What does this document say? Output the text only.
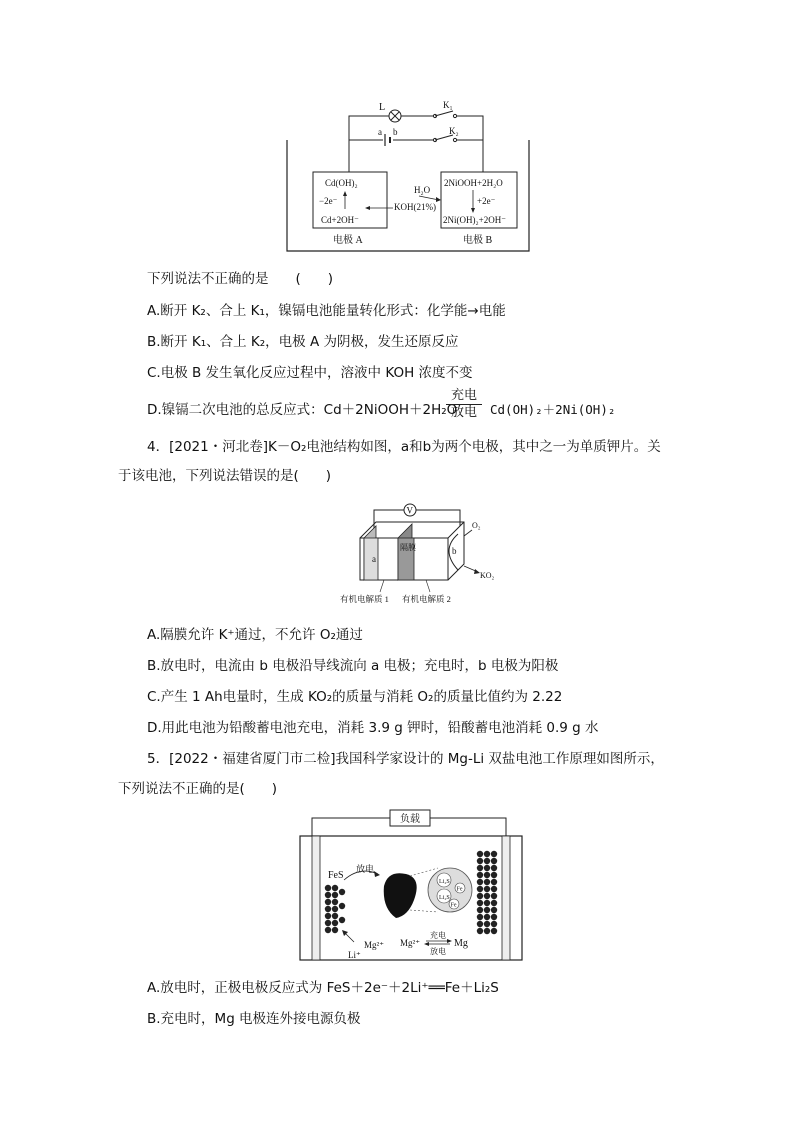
L	K₁
a b	K₂
Cd(OH)₂
−2e⁻
Cd+2OH⁻
2NiOOH+2H₂O
+2e⁻
2Ni(OH)₂+2OH⁻
H₂O
KOH(21%)
电极 A	电极 B
下列说法不正确的是　　(　　)
A.断开 K₂、合上 K₁，镍镉电池能量转化形式：化学能→电能
B.断开 K₁、合上 K₂，电极 A 为阴极，发生还原反应
C.电极 B 发生氧化反应过程中，溶液中 KOH 浓度不变
D.镍镉二次电池的总反应式：Cd＋2NiOOH＋2H₂O
充电
放电	Cd(OH)₂＋2Ni(OH)₂
4．[2021・河北卷]K－O₂电池结构如图，a和b为两个电极，其中之一为单质钾片。关
于该电池，下列说法错误的是(　　)
V
a
隔膜	b
O₂
KO₂
有机电解质 1 有机电解质 2
A.隔膜允许 K⁺通过，不允许 O₂通过
B.放电时，电流由 b 电极沿导线流向 a 电极；充电时，b 电极为阳极
C.产生 1 Ah电量时，生成 KO₂的质量与消耗 O₂的质量比值约为 2.22
D.用此电池为铅酸蓄电池充电，消耗 3.9 g 钾时，铅酸蓄电池消耗 0.9 g 水
5．[2022・福建省厦门市二检]我国科学家设计的 Mg-Li 双盐电池工作原理如图所示，
下列说法不正确的是(　　)
负载
FeS
放电
Li₂S
Li₂S
Fe
Fe
Li⁺
Mg²⁺ Mg²⁺
充电
放电
Mg
A.放电时，正极电极反应式为 FeS＋2e⁻＋2Li⁺══Fe＋Li₂S
B.充电时，Mg 电极连外接电源负极
